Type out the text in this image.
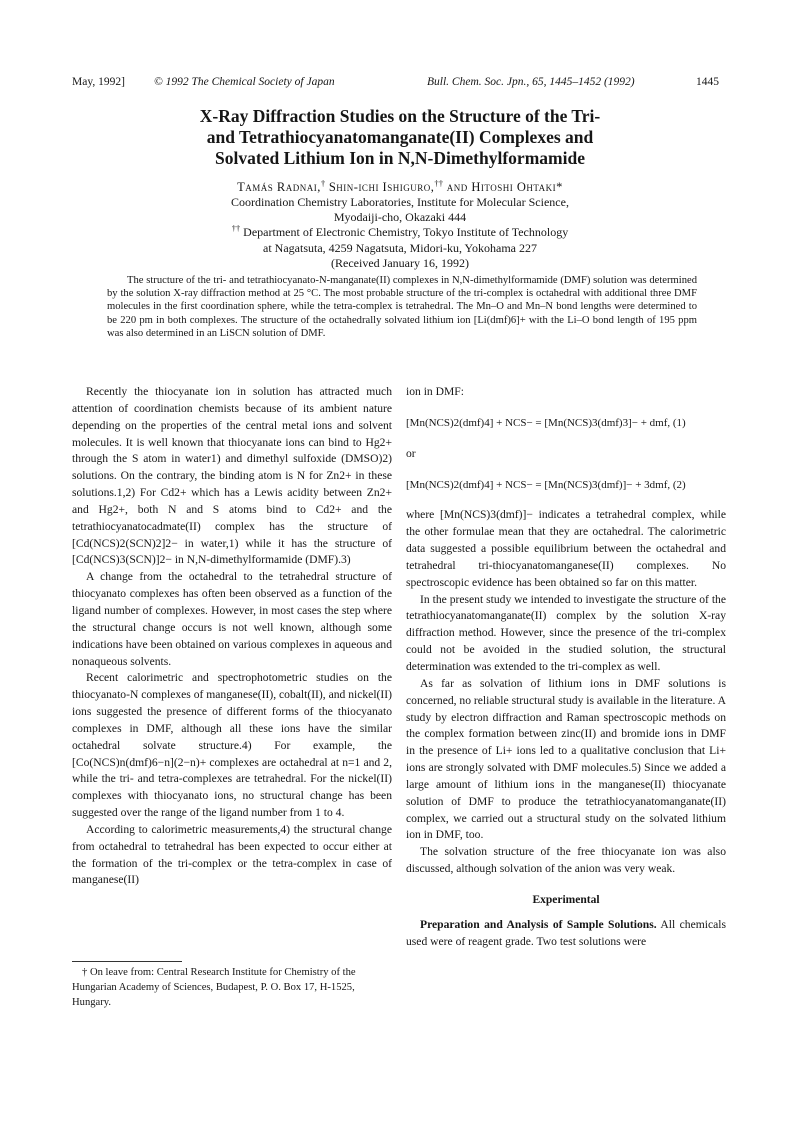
May, 1992]	© 1992 The Chemical Society of Japan	Bull. Chem. Soc. Jpn., 65, 1445–1452 (1992)	1445
X-Ray Diffraction Studies on the Structure of the Tri-
and Tetrathiocyanatomanganate(II) Complexes and
Solvated Lithium Ion in N,N-Dimethylformamide
Tamás Radnai,† Shin-ichi Ishiguro,†† and Hitoshi Ohtaki*
Coordination Chemistry Laboratories, Institute for Molecular Science,
Myodaiji-cho, Okazaki 444
†† Department of Electronic Chemistry, Tokyo Institute of Technology
at Nagatsuta, 4259 Nagatsuta, Midori-ku, Yokohama 227
(Received January 16, 1992)

The structure of the tri- and tetrathiocyanato-N-manganate(II) complexes in N,N-dimethylformamide (DMF) solution was determined by the solution X-ray diffraction method at 25 °C. The most probable structure of the tri-complex is octahedral with additional three DMF molecules in the first coordination sphere, while the tetra-complex is tetrahedral. The Mn–O and Mn–N bond lengths were determined to be 220 pm in both complexes. The structure of the octahedrally solvated lithium ion [Li(dmf)6]+ with the Li–O bond length of 195 ppm was also determined in an LiSCN solution of DMF.

Recently the thiocyanate ion in solution has attracted much attention of coordination chemists because of its ambient nature depending on the properties of the central metal ions and solvent molecules. It is well known that thiocyanate ions can bind to Hg2+ through the S atom in water1) and dimethyl sulfoxide (DMSO)2) solutions. On the contrary, the binding atom is N for Zn2+ in these solutions.1,2) For Cd2+ which has a Lewis acidity between Zn2+ and Hg2+, both N and S atoms bind to Cd2+ and the tetrathiocyanatocadmate(II) complex has the structure of [Cd(NCS)2(SCN)2]2− in water,1) while it has the structure of [Cd(NCS)3(SCN)]2− in N,N-dimethylformamide (DMF).3)

A change from the octahedral to the tetrahedral structure of thiocyanato complexes has often been observed as a function of the ligand number of complexes. However, in most cases the step where the structural change occurs is not well known, although some indications have been obtained on various complexes in aqueous and nonaqueous solvents.

Recent calorimetric and spectrophotometric studies on the thiocyanato-N complexes of manganese(II), cobalt(II), and nickel(II) ions suggested the presence of different forms of the thiocyanato complexes in DMF, although all these ions have the similar octahedral solvate structure.4) For example, the [Co(NCS)n(dmf)6−n](2−n)+ complexes are octahedral at n=1 and 2, while the tri- and tetra-complexes are tetrahedral. For the nickel(II) complexes with thiocyanato ions, no structural change has been suggested over the range of the ligand number from 1 to 4.

According to calorimetric measurements,4) the structural change from octahedral to tetrahedral has been expected to occur either at the formation of the tri-complex or the tetra-complex in case of manganese(II)

† On leave from: Central Research Institute for Chemistry of the Hungarian Academy of Sciences, Budapest, P. O. Box 17, H-1525, Hungary.

ion in DMF:

[Mn(NCS)2(dmf)4] + NCS− = [Mn(NCS)3(dmf)3]− + dmf, (1)

or

[Mn(NCS)2(dmf)4] + NCS− = [Mn(NCS)3(dmf)]− + 3dmf, (2)

where [Mn(NCS)3(dmf)]− indicates a tetrahedral complex, while the other formulae mean that they are octahedral. The calorimetric data suggested a possible equilibrium between the octahedral and tetrahedral tri-thiocyanatomanganese(II) complexes. No spectroscopic evidence has been obtained so far on this matter.

In the present study we intended to investigate the structure of the tetrathiocyanatomanganate(II) complex by the solution X-ray diffraction method. However, since the presence of the tri-complex could not be avoided in the studied solution, the structural determination was extended to the tri-complex as well.

As far as solvation of lithium ions in DMF solutions is concerned, no reliable structural study is available in the literature. A study by electron diffraction and Raman spectroscopic methods on the complex formation between zinc(II) and bromide ions in DMF in the presence of Li+ ions led to a qualitative conclusion that Li+ ions are strongly solvated with DMF molecules.5) Since we added a large amount of lithium ions in the manganese(II) thiocyanate solution of DMF to produce the tetrathiocyanatomanganate(II) complex, we carried out a structural study on the solvated lithium ion in DMF, too.

The solvation structure of the free thiocyanate ion was also discussed, although solvation of the anion was very weak.

Experimental

Preparation and Analysis of Sample Solutions. All chemicals used were of reagent grade. Two test solutions were
